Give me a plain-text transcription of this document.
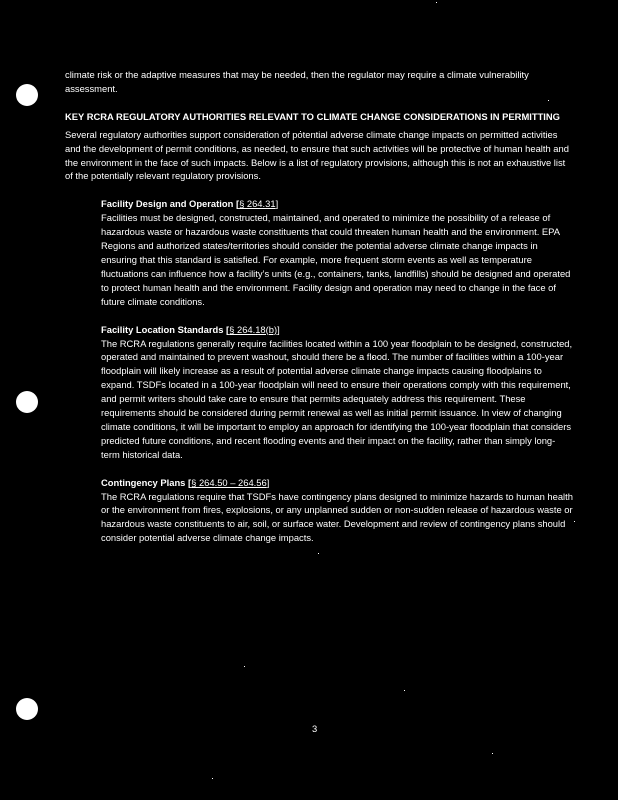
climate risk or the adaptive measures that may be needed, then the regulator may require a climate vulnerability assessment.

KEY RCRA REGULATORY AUTHORITIES RELEVANT TO CLIMATE CHANGE CONSIDERATIONS IN PERMITTING

Several regulatory authorities support consideration of potential adverse climate change impacts on permitted activities and the development of permit conditions, as needed, to ensure that such activities will be protective of human health and the environment in the face of such impacts. Below is a list of regulatory provisions, although this is not an exhaustive list of the potentially relevant regulatory provisions.

Facility Design and Operation [§ 264.31]

Facilities must be designed, constructed, maintained, and operated to minimize the possibility of a release of hazardous waste or hazardous waste constituents that could threaten human health and the environment. EPA Regions and authorized states/territories should consider the potential adverse climate change impacts in ensuring that this standard is satisfied. For example, more frequent storm events as well as temperature fluctuations can influence how a facility’s units (e.g., containers, tanks, landfills) should be designed and operated to protect human health and the environment. Facility design and operation may need to change in the face of future climate conditions.

Facility Location Standards [§ 264.18(b)]

The RCRA regulations generally require facilities located within a 100 year floodplain to be designed, constructed, operated and maintained to prevent washout, should there be a flood. The number of facilities within a 100-year floodplain will likely increase as a result of potential adverse climate change impacts causing floodplains to expand. TSDFs located in a 100-year floodplain will need to ensure their operations comply with this requirement, and permit writers should take care to ensure that permits adequately address this requirement. These requirements should be considered during permit renewal as well as initial permit issuance. In view of changing climate conditions, it will be important to employ an approach for identifying the 100-year floodplain that considers predicted future conditions, and recent flooding events and their impact on the facility, rather than simply long-term historical data.

Contingency Plans [§ 264.50 – 264.56]

The RCRA regulations require that TSDFs have contingency plans designed to minimize hazards to human health or the environment from fires, explosions, or any unplanned sudden or non-sudden release of hazardous waste or hazardous waste constituents to air, soil, or surface water. Development and review of contingency plans should consider potential adverse climate change impacts.

3
